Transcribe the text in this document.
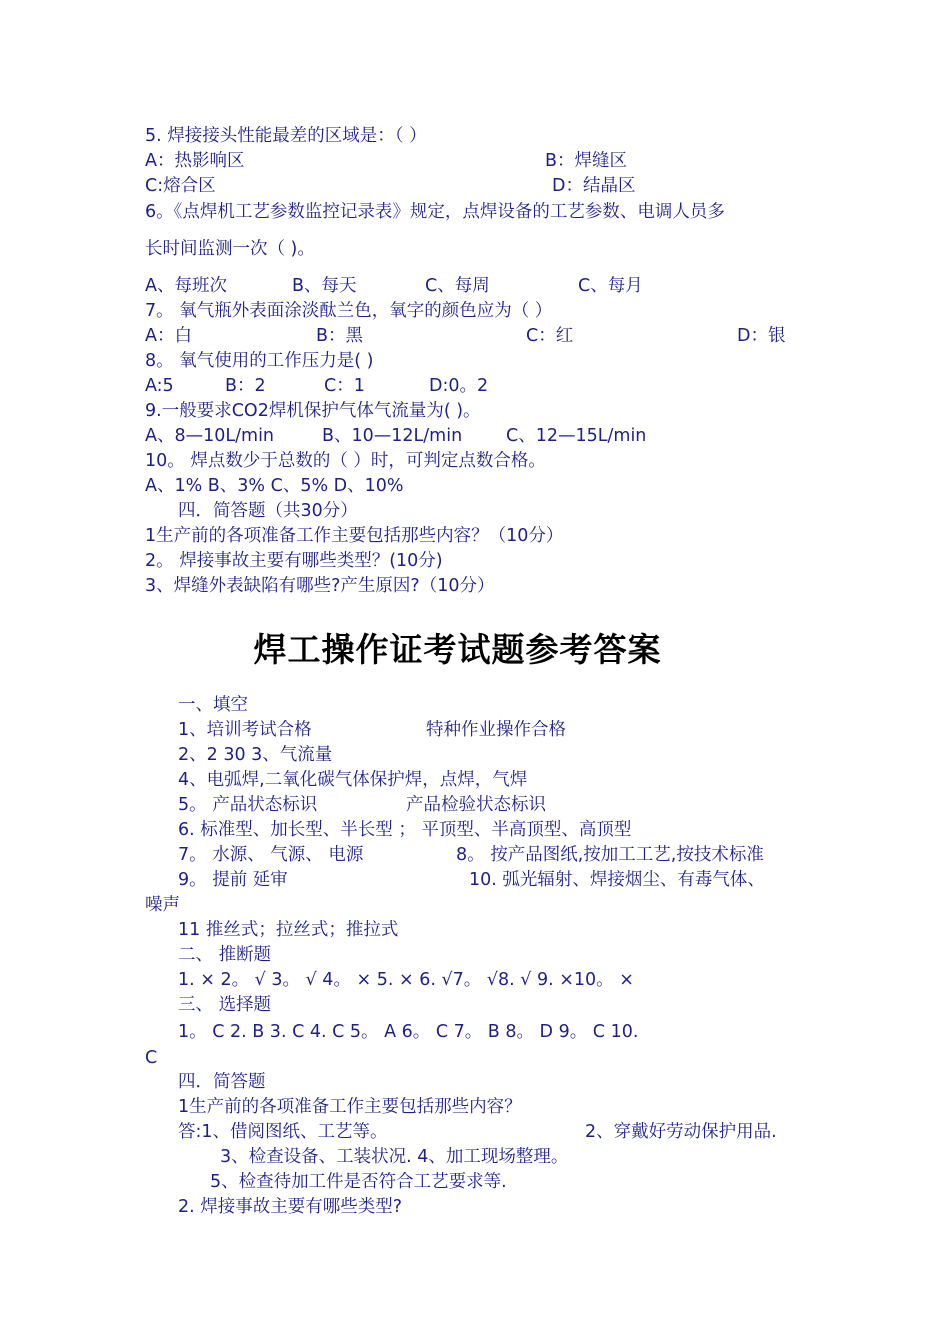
5. 焊接接头性能最差的区域是：（ ）
A：热影响区	B：焊缝区
C:熔合区	D：结晶区
6。《点焊机工艺参数监控记录表》规定，点焊设备的工艺参数、电调人员多
长时间监测一次（ )。
A、每班次	B、每天	C、每周	C、每月
7。 氧气瓶外表面涂淡酞兰色，氧字的颜色应为（ ）
A：白	B：黑	C：红	D：银
8。 氧气使用的工作压力是( )
A:5	B：2	C：1	D:0。2
9.一般要求CO2焊机保护气体气流量为( )。
A、8—10L/min	B、10—12L/min	C、12—15L/min
10。 焊点数少于总数的（ ）时，可判定点数合格。
A、1% B、3% C、5% D、10%
四．简答题（共30分）
1生产前的各项准备工作主要包括那些内容？（10分）
2。 焊接事故主要有哪些类型？(10分)
3、焊缝外表缺陷有哪些?产生原因?（10分）
焊工操作证考试题参考答案
一、填空
1、培训考试合格	特种作业操作合格
2、2 30 3、气流量
4、电弧焊,二氧化碳气体保护焊，点焊，气焊
5。 产品状态标识	产品检验状态标识
6. 标准型、加长型、半长型 ； 平顶型、半高顶型、高顶型
7。 水源、 气源、 电源	8。 按产品图纸,按加工工艺,按技术标准
9。 提前 延审	10. 弧光辐射、焊接烟尘、有毒气体、
噪声
11 推丝式；拉丝式；推拉式
二、 推断题
1. × 2。 √ 3。 √ 4。 × 5. × 6. √7。 √8. √ 9. ×10。 ×
三、 选择题
1。 C 2. B 3. C 4. C 5。 A 6。 C 7。 B 8。 D 9。 C 10.
C
四．简答题
1生产前的各项准备工作主要包括那些内容？
答:1、借阅图纸、工艺等。	2、穿戴好劳动保护用品.
3、检查设备、工装状况. 4、加工现场整理。
5、检查待加工件是否符合工艺要求等.
2. 焊接事故主要有哪些类型?
